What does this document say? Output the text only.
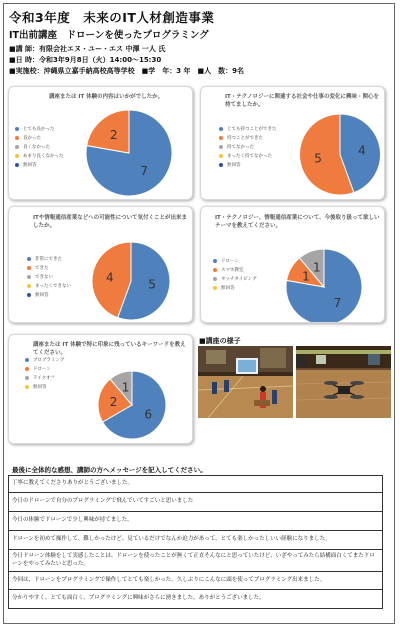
令和3年度　未来のIT人材創造事業
IT出前講座　ドローンを使ったプログラミング
■講 師：有限会社エヌ・ユー・エス 中澤 一人 氏
■日 時：令和3年9月8日（火）14:00～15:30
■実施校：沖縄県立嘉手納高校高等学校　■学　年：3 年　■人　数：9名
講座または IT 体験の内容はいかがでしたか。
とても良かった
良かった
良くなかった
あまり良くなかった
無回答	7
2
IT・テクノロジーに関連する社会や仕事の変化に興味・関心を持てましたか。
とても持つことができた
持つことができた
持てなかった
まったく持てなかった
無回答
4
5
ITや情報通信産業などへの可能性について気付くことが出来ましたか。
非常にできた
できた
できない
まったくできない
無回答
5
4
IT・テクノロジー、情報通信産業について、今後取り扱って欲しいテーマを教えてください。
ドローン
スマホ教室
タッチタイピング
無回答
7
1
1
講座または IT 体験で特に印象に残っているキーワードを教えてください。
プログラミング
ドローン
テイクオフ
無回答
6
2
1
■講座の様子
最後に全体的な感想、講師の方へメッセージを記入してください。
丁寧に教えてくださりありがとうございました。
今日のドローンで自分のプログラミングで飛んでいてすごいと思いました
今日の体験でドローンで少し興味が持てました。
ドローンを初めて操作して、難しかったけど、見ているだけでなんか迫力があって、とても楽しかったしいい経験になりました。
今日ドローン体験をして実感したことは、ドローンを使ったことが無くて正直そんなにと思っていたけど、いざやってみたら結構面白くてまたドローンをやってみたいと思った。
今回は、ドローンをプログラミングで操作してとても楽しかった。久しぶりにこんなに頭を使ってプログラミング出来ました。
分かりやすく、とても面白く、プログラミングに興味がさらに湧きました。ありがとうございました。
